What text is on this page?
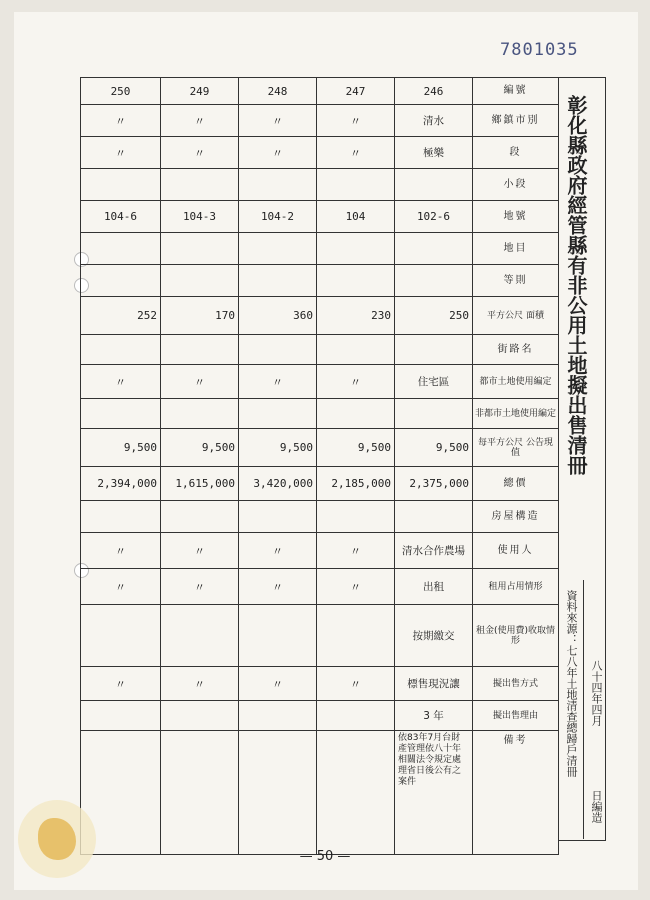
7801035
250	249	248	247	246	編號
〃	〃	〃	〃	清水	鄉鎮市別
〃	〃	〃	〃	極樂	段
					小段
104-6	104-3	104-2	104	102-6	地號
					地目
					等則
252	170	360	230	250	平方公尺 面積
					街路名
〃	〃	〃	〃	住宅區	都市土地使用編定
					非都市土地使用編定
9,500	9,500	9,500	9,500	9,500	每平方公尺 公告現值
2,394,000	1,615,000	3,420,000	2,185,000	2,375,000	總價
					房屋構造
〃	〃	〃	〃	清水合作農場	使用人
〃	〃	〃	〃	出租	租用占用情形
				按期繳交	租金(使用費)收取情形
〃	〃	〃	〃	標售現況讓	擬出售方式
				3 年	擬出售理由
				依83年7月台財產管理依八十年相關法令規定處理省日後公有之案件	備考
彰化縣政府經管縣有非公用土地擬出售清冊
資料來源：七八年土地清查總歸戶清冊 八十四年四月
日編造
— 50 —
